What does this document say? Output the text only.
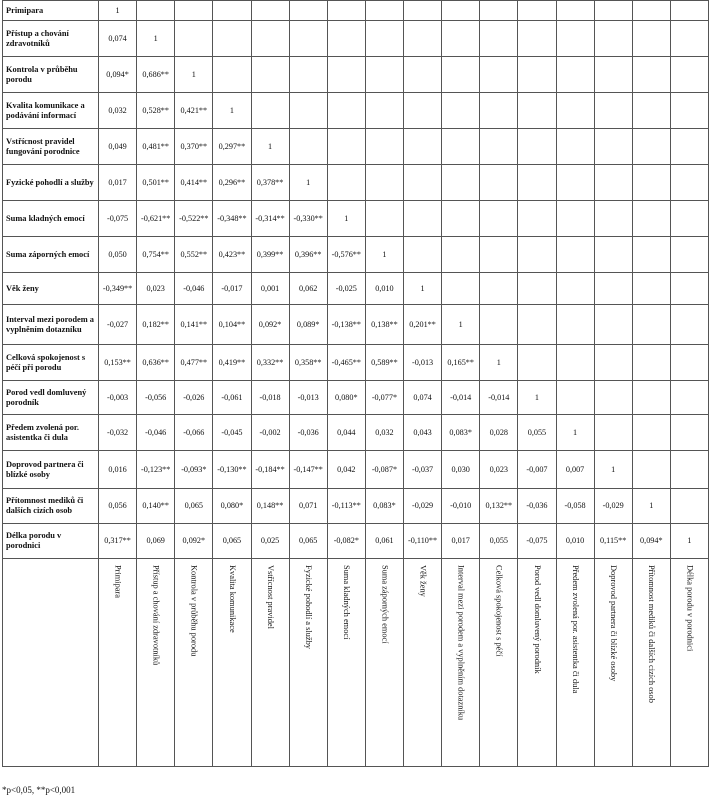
Primipara	1															
Přístup a chování zdravotníků	0,074	1														
Kontrola v průběhu porodu	0,094*	0,686**	1													
Kvalita komunikace a podávání informací	0,032	0,528**	0,421**	1												
Vstřícnost pravidel fungování porodnice	0,049	0,481**	0,370**	0,297**	1											
Fyzické pohodlí a služby	0,017	0,501**	0,414**	0,296**	0,378**	1										
Suma kladných emocí	-0,075	-0,621**	-0,522**	-0,348**	-0,314**	-0,330**	1									
Suma záporných emocí	0,050	0,754**	0,552**	0,423**	0,399**	0,396**	-0,576**	1								
Věk ženy	-0,349**	0,023	-0,046	-0,017	0,001	0,062	-0,025	0,010	1							
Interval mezi porodem a vyplněním dotazníku	-0,027	0,182**	0,141**	0,104**	0,092*	0,089*	-0,138**	0,138**	0,201**	1						
Celková spokojenost s péčí při porodu	0,153**	0,636**	0,477**	0,419**	0,332**	0,358**	-0,465**	0,589**	-0,013	0,165**	1					
Porod vedl domluvený porodník	-0,003	-0,056	-0,026	-0,061	-0,018	-0,013	0,080*	-0,077*	0,074	-0,014	-0,014	1				
Předem zvolená por. asistentka či dula	-0,032	-0,046	-0,066	-0,045	-0,002	-0,036	0,044	0,032	0,043	0,083*	0,028	0,055	1			
Doprovod partnera či blízké osoby	0,016	-0,123**	-0,093*	-0,130**	-0,184**	-0,147**	0,042	-0,087*	-0,037	0,030	0,023	-0,007	0,007	1		
Přítomnost mediků či dalších cizích osob	0,056	0,140**	0,065	0,080*	0,148**	0,071	-0,113**	0,083*	-0,029	-0,010	0,132**	-0,036	-0,058	-0,029	1	
Délka porodu v porodnici	0,317**	0,069	0,092*	0,065	0,025	0,065	-0,082*	0,061	-0,110**	0,017	0,055	-0,075	0,010	0,115**	0,094*	1

	Primipara	Přístup a chování zdravotníků	Kontrola v průběhu porodu	Kvalita komunikace	Vstřícnost pravidel	Fyzické pohodlí a služby	Suma kladných emocí	Suma záporných emocí	Věk ženy	Interval mezi porodem a vyplněním dotazníku	Celková spokojenost s péčí	Porod vedl domluvený porodník	Předem zvolená por. asistentka či dula	Doprovod partnera či blízké osoby	Přítomnost mediků či dalších cizích osob	Délka porodu v porodnici
*p<0,05, **p<0,001
